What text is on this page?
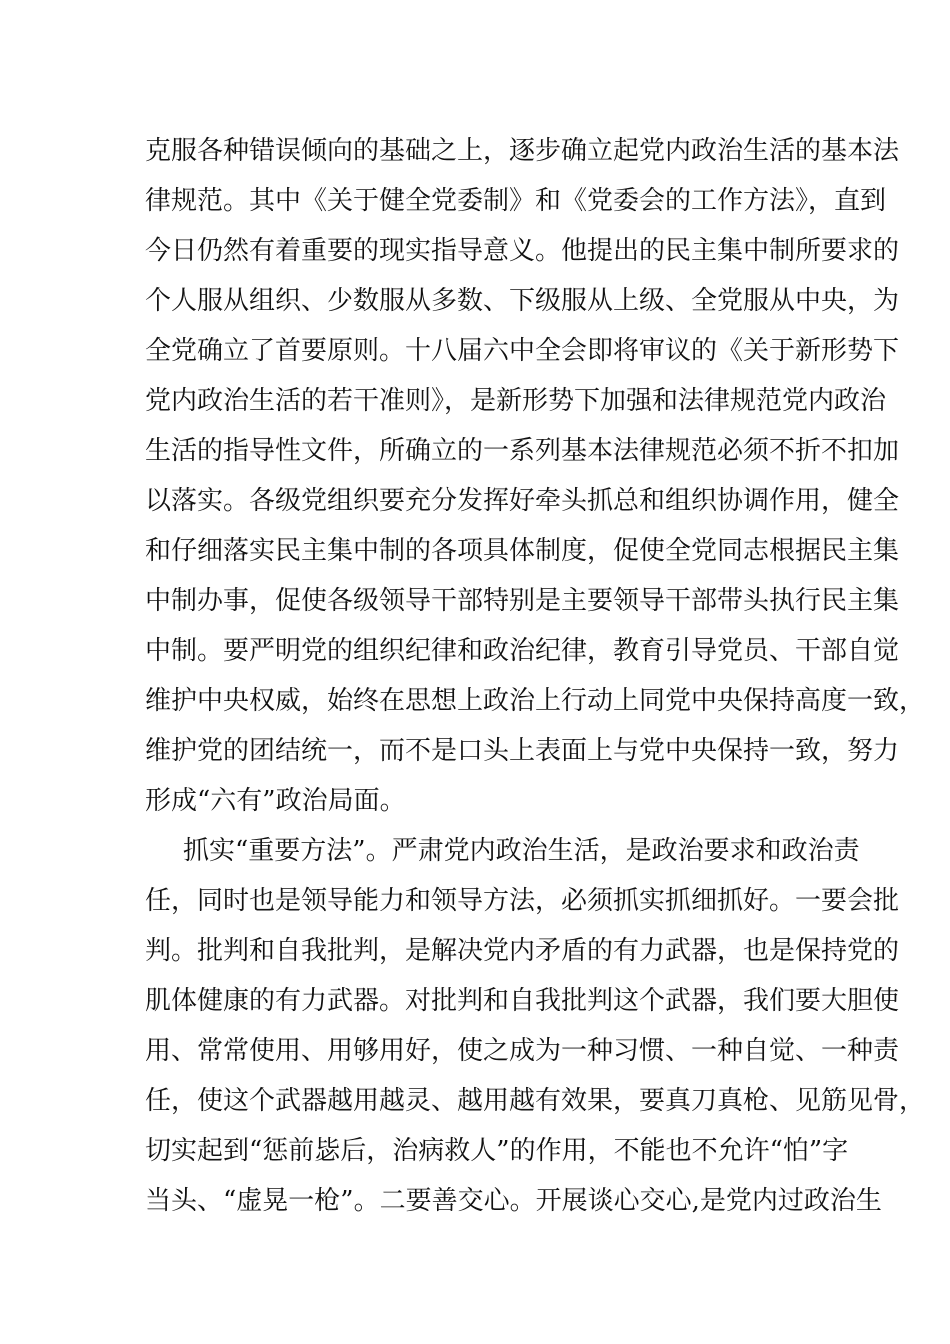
克服各种错误倾向的基础之上，逐步确立起党内政治生活的基本法
律规范。其中《关于健全党委制》和《党委会的工作方法》，直到
今日仍然有着重要的现实指导意义。他提出的民主集中制所要求的
个人服从组织、少数服从多数、下级服从上级、全党服从中央，为
全党确立了首要原则。十八届六中全会即将审议的《关于新形势下
党内政治生活的若干准则》，是新形势下加强和法律规范党内政治
生活的指导性文件，所确立的一系列基本法律规范必须不折不扣加
以落实。各级党组织要充分发挥好牵头抓总和组织协调作用，健全
和仔细落实民主集中制的各项具体制度，促使全党同志根据民主集
中制办事，促使各级领导干部特别是主要领导干部带头执行民主集
中制。要严明党的组织纪律和政治纪律，教育引导党员、干部自觉
维护中央权威，始终在思想上政治上行动上同党中央保持高度一致，
维护党的团结统一，而不是口头上表面上与党中央保持一致，努力
形成“六有”政治局面。
抓实“重要方法”。严肃党内政治生活，是政治要求和政治责
任，同时也是领导能力和领导方法，必须抓实抓细抓好。一要会批
判。批判和自我批判，是解决党内矛盾的有力武器，也是保持党的
肌体健康的有力武器。对批判和自我批判这个武器，我们要大胆使
用、常常使用、用够用好，使之成为一种习惯、一种自觉、一种责
任，使这个武器越用越灵、越用越有效果，要真刀真枪、见筋见骨，
切实起到“惩前毖后，治病救人”的作用，不能也不允许“怕”字
当头、“虚晃一枪”。二要善交心。开展谈心交心,是党内过政治生
